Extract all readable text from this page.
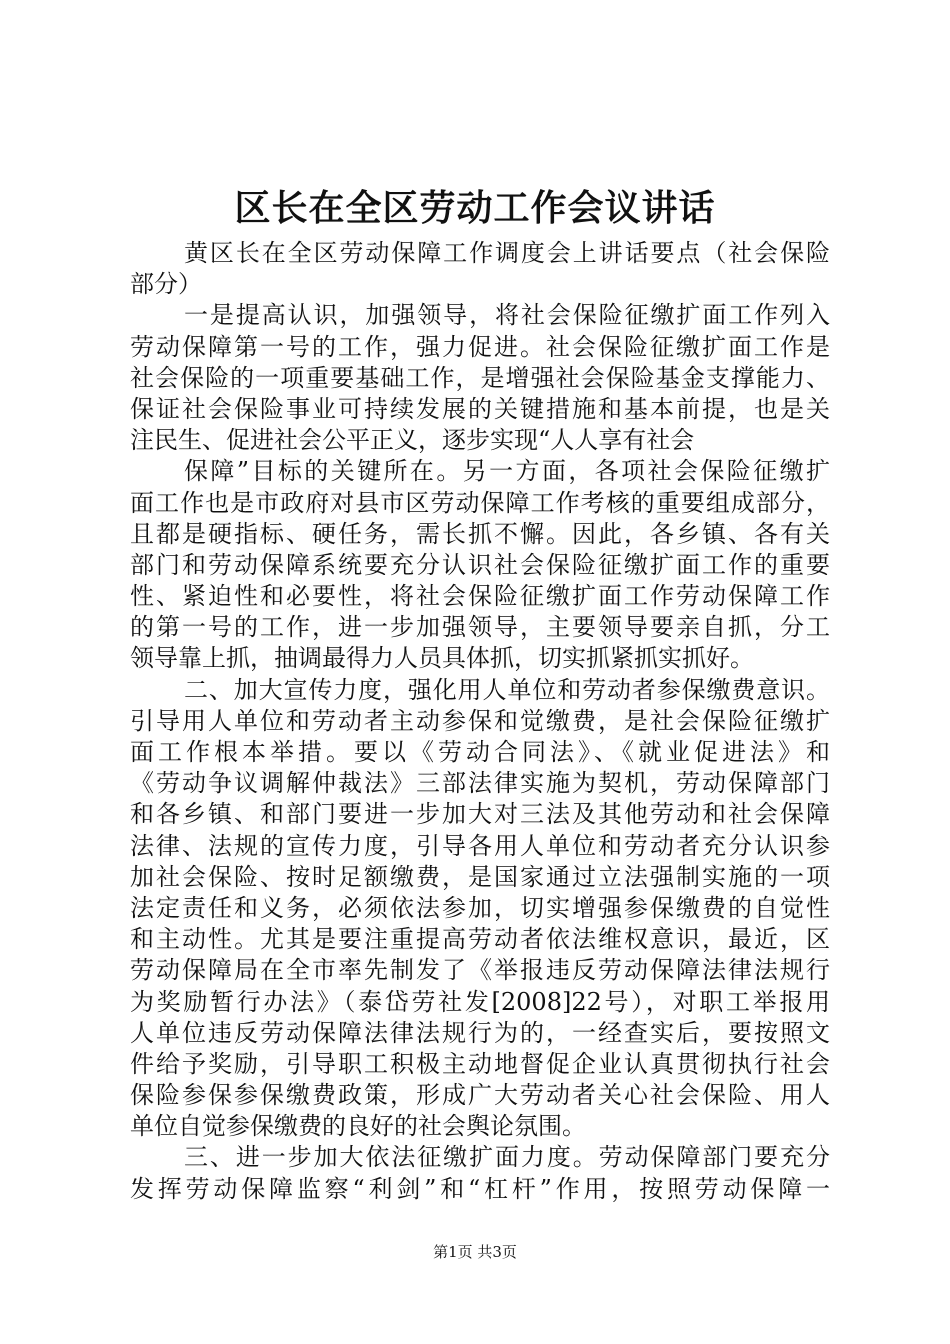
区长在全区劳动工作会议讲话
黄区长在全区劳动保障工作调度会上讲话要点（社会保险
部分）
一是提高认识，加强领导，将社会保险征缴扩面工作列入
劳动保障第一号的工作，强力促进。社会保险征缴扩面工作是
社会保险的一项重要基础工作，是增强社会保险基金支撑能力、
保证社会保险事业可持续发展的关键措施和基本前提，也是关
注民生、促进社会公平正义，逐步实现“人人享有社会
保障”目标的关键所在。另一方面，各项社会保险征缴扩
面工作也是市政府对县市区劳动保障工作考核的重要组成部分，
且都是硬指标、硬任务，需长抓不懈。因此，各乡镇、各有关
部门和劳动保障系统要充分认识社会保险征缴扩面工作的重要
性、紧迫性和必要性，将社会保险征缴扩面工作劳动保障工作
的第一号的工作，进一步加强领导，主要领导要亲自抓，分工
领导靠上抓，抽调最得力人员具体抓，切实抓紧抓实抓好。
二、加大宣传力度，强化用人单位和劳动者参保缴费意识。
引导用人单位和劳动者主动参保和觉缴费，是社会保险征缴扩
面工作根本举措。要以《劳动合同法》、《就业促进法》和
《劳动争议调解仲裁法》三部法律实施为契机，劳动保障部门
和各乡镇、和部门要进一步加大对三法及其他劳动和社会保障
法律、法规的宣传力度，引导各用人单位和劳动者充分认识参
加社会保险、按时足额缴费，是国家通过立法强制实施的一项
法定责任和义务，必须依法参加，切实增强参保缴费的自觉性
和主动性。尤其是要注重提高劳动者依法维权意识，最近，区
劳动保障局在全市率先制发了《举报违反劳动保障法律法规行
为奖励暂行办法》（泰岱劳社发[2008]22号），对职工举报用
人单位违反劳动保障法律法规行为的，一经查实后，要按照文
件给予奖励，引导职工积极主动地督促企业认真贯彻执行社会
保险参保参保缴费政策，形成广大劳动者关心社会保险、用人
单位自觉参保缴费的良好的社会舆论氛围。
三、进一步加大依法征缴扩面力度。劳动保障部门要充分
发挥劳动保障监察“利剑”和“杠杆”作用，按照劳动保障一
第1页 共3页
